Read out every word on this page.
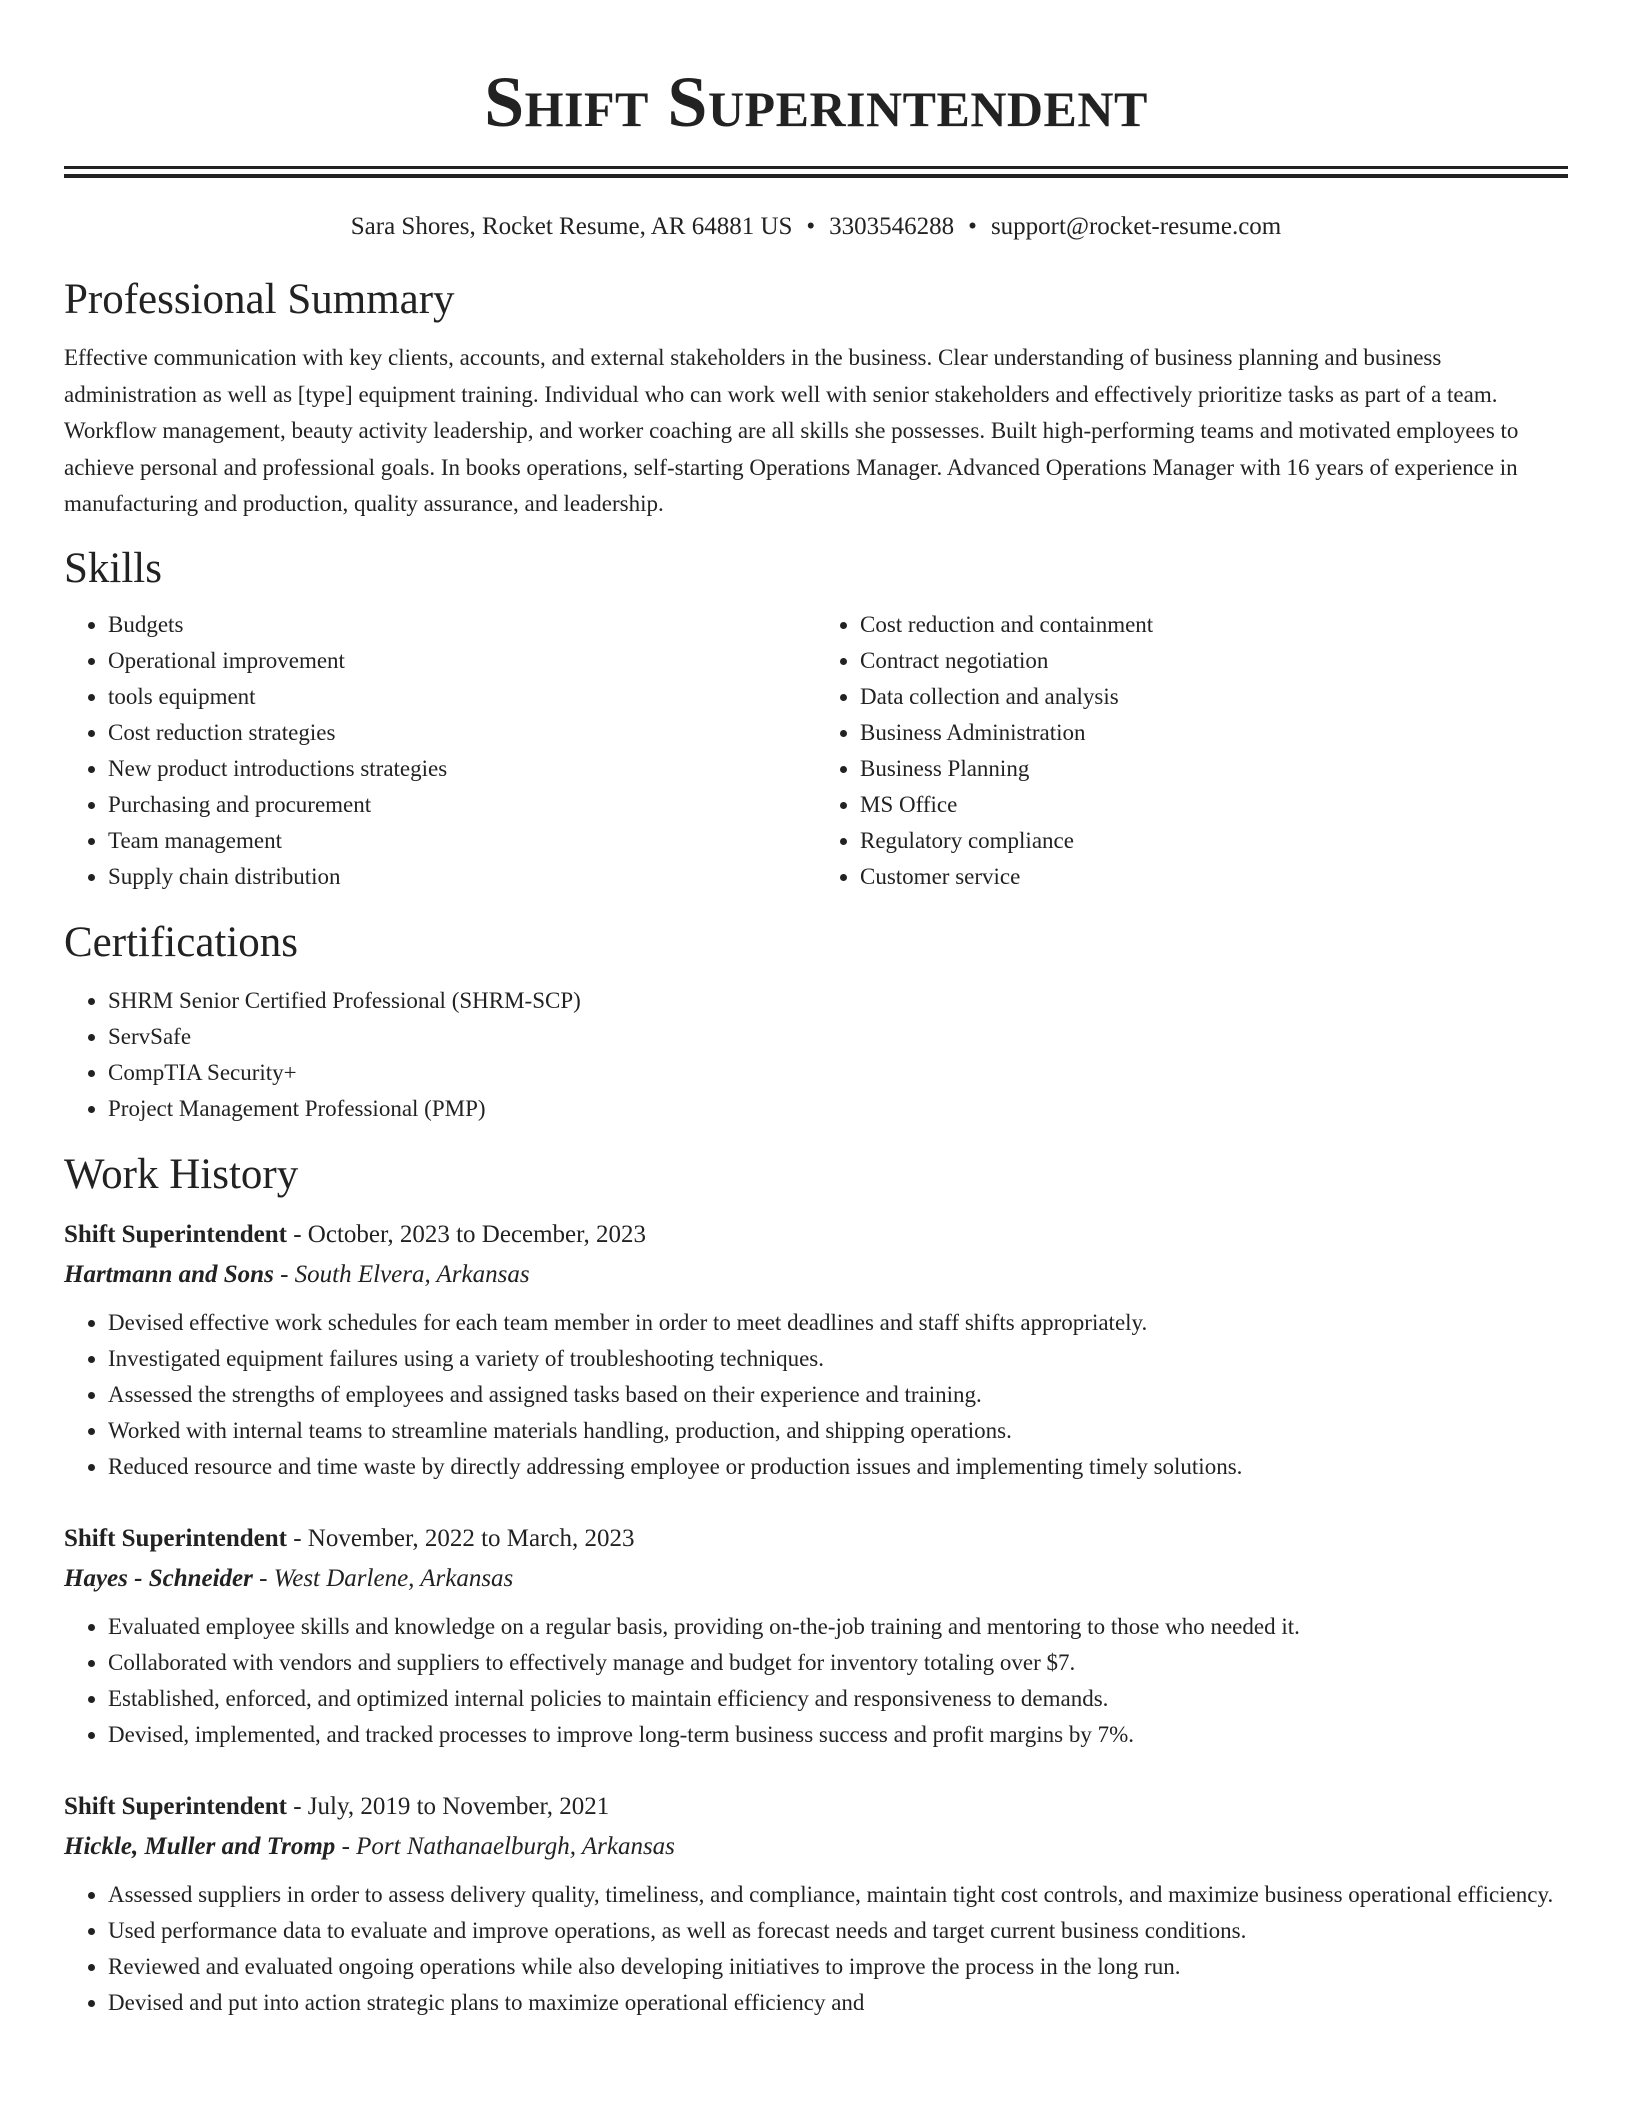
Shift Superintendent
Sara Shores, Rocket Resume, AR 64881 US • 3303546288 • support@rocket-resume.com
Professional Summary

Effective communication with key clients, accounts, and external stakeholders in the business. Clear understanding of business planning and business administration as well as [type] equipment training. Individual who can work well with senior stakeholders and effectively prioritize tasks as part of a team. Workflow management, beauty activity leadership, and worker coaching are all skills she possesses. Built high-performing teams and motivated employees to achieve personal and professional goals. In books operations, self-starting Operations Manager. Advanced Operations Manager with 16 years of experience in manufacturing and production, quality assurance, and leadership.

Skills
• Budgets
• Operational improvement
• tools equipment
• Cost reduction strategies
• New product introductions strategies
• Purchasing and procurement
• Team management
• Supply chain distribution
• Cost reduction and containment
• Contract negotiation
• Data collection and analysis
• Business Administration
• Business Planning
• MS Office
• Regulatory compliance
• Customer service
Certifications
• SHRM Senior Certified Professional (SHRM-SCP)
• ServSafe
• CompTIA Security+
• Project Management Professional (PMP)
Work History
Shift Superintendent - October, 2023 to December, 2023
Hartmann and Sons - South Elvera, Arkansas
• Devised effective work schedules for each team member in order to meet deadlines and staff shifts appropriately.
• Investigated equipment failures using a variety of troubleshooting techniques.
• Assessed the strengths of employees and assigned tasks based on their experience and training.
• Worked with internal teams to streamline materials handling, production, and shipping operations.
• Reduced resource and time waste by directly addressing employee or production issues and implementing timely solutions.
Shift Superintendent - November, 2022 to March, 2023
Hayes - Schneider - West Darlene, Arkansas
• Evaluated employee skills and knowledge on a regular basis, providing on-the-job training and mentoring to those who needed it.
• Collaborated with vendors and suppliers to effectively manage and budget for inventory totaling over $7.
• Established, enforced, and optimized internal policies to maintain efficiency and responsiveness to demands.
• Devised, implemented, and tracked processes to improve long-term business success and profit margins by 7%.
Shift Superintendent - July, 2019 to November, 2021
Hickle, Muller and Tromp - Port Nathanaelburgh, Arkansas
• Assessed suppliers in order to assess delivery quality, timeliness, and compliance, maintain tight cost controls, and maximize business operational efficiency.
• Used performance data to evaluate and improve operations, as well as forecast needs and target current business conditions.
• Reviewed and evaluated ongoing operations while also developing initiatives to improve the process in the long run.
• Devised and put into action strategic plans to maximize operational efficiency and
